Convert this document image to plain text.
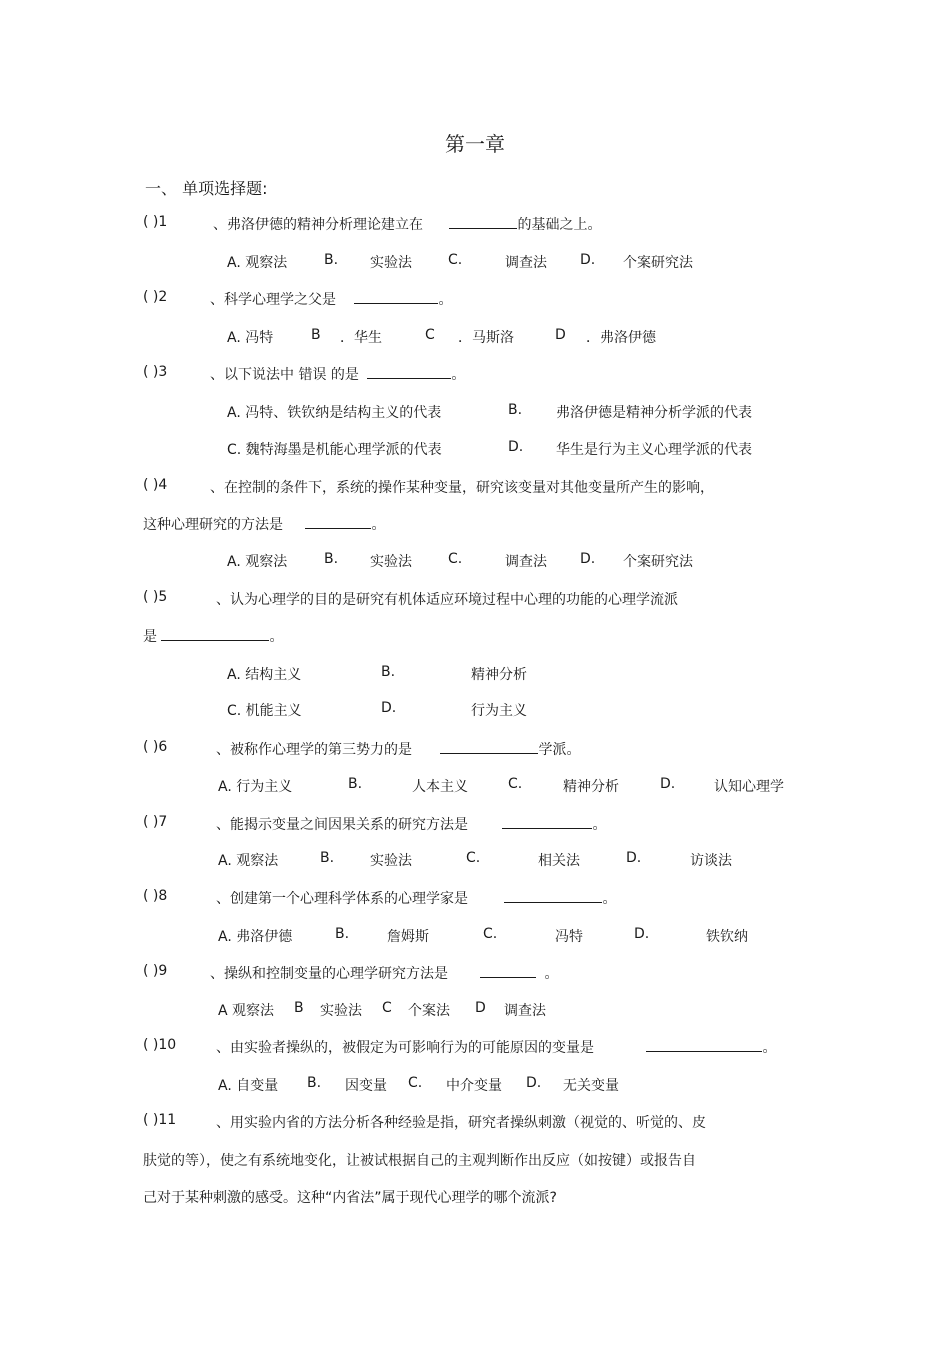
第一章
一、 单项选择题:
( )1	、弗洛伊德的精神分析理论建立在	的基础之上。
A. 观察法	B. 实验法	C.	调查法 D. 个案研究法
( )2	、科学心理学之父是	。
A. 冯特	B ．华生	C ．马斯洛	D ．弗洛伊德
( )3	、以下说法中 错误 的是	。
A. 冯特、铁钦纳是结构主义的代表	B. 弗洛伊德是精神分析学派的代表
C. 魏特海墨是机能心理学派的代表	D. 华生是行为主义心理学派的代表
( )4	、在控制的条件下，系统的操作某种变量，研究该变量对其他变量所产生的影响，
这种心理研究的方法是	。
A. 观察法	B. 实验法	C.	调查法 D. 个案研究法
( )5	、认为心理学的目的是研究有机体适应环境过程中心理的功能的心理学流派
是	。
A. 结构主义	B.	精神分析
C. 机能主义	D.	行为主义
( )6	、被称作心理学的第三势力的是	学派。
A. 行为主义	B.	人本主义	C.	精神分析	D.	认知心理学
( )7	、能揭示变量之间因果关系的研究方法是	。
A. 观察法	B.	实验法	C.	相关法	D.	访谈法
( )8	、创建第一个心理科学体系的心理学家是	。
A. 弗洛伊德	B.	詹姆斯	C.	冯特	D.	铁钦纳
( )9	、操纵和控制变量的心理学研究方法是	。
A 观察法 B 实验法 C 个案法 D 调查法
( )10	、由实验者操纵的，被假定为可影响行为的可能原因的变量是	。
A. 自变量 B. 因变量 C. 中介变量 D. 无关变量
( )11	、用实验内省的方法分析各种经验是指，研究者操纵刺激（视觉的、听觉的、皮
肤觉的等），使之有系统地变化，让被试根据自己的主观判断作出反应（如按键）或报告自
己对于某种刺激的感受。这种“内省法”属于现代心理学的哪个流派?
